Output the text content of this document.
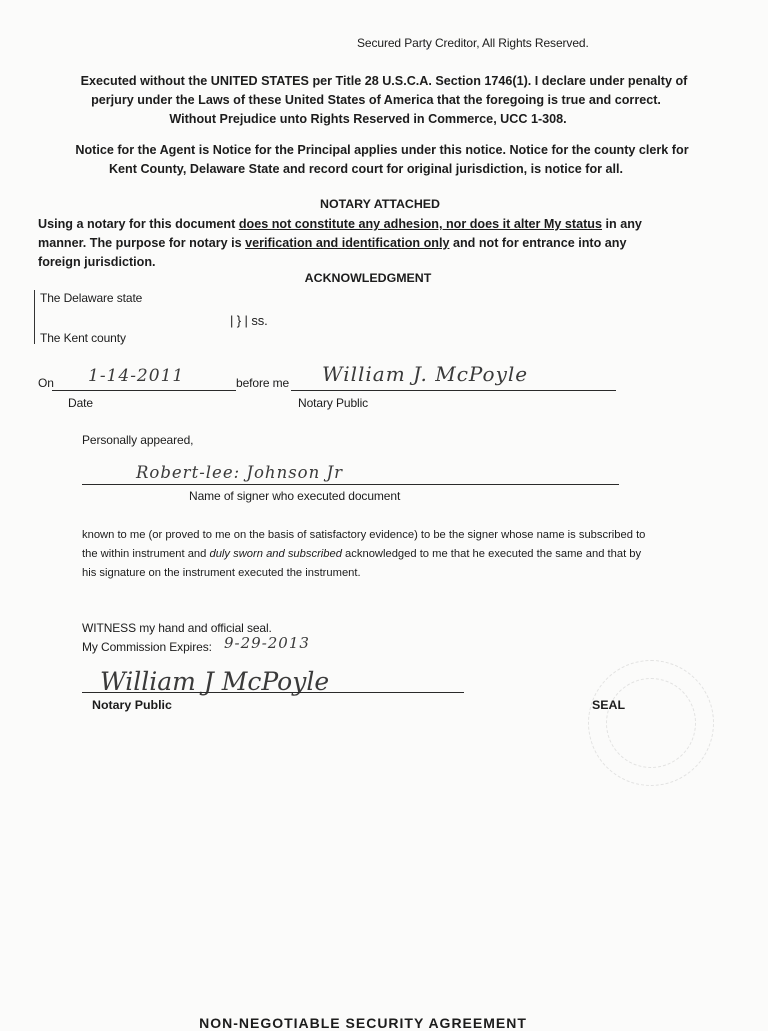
Secured Party Creditor, All Rights Reserved.
Executed without the UNITED STATES per Title 28 U.S.C.A. Section 1746(1). I declare under penalty of
perjury under the Laws of these United States of America that the foregoing is true and correct.
Without Prejudice unto Rights Reserved in Commerce, UCC 1-308.
Notice for the Agent is Notice for the Principal applies under this notice. Notice for the county clerk for
Kent County, Delaware State and record court for original jurisdiction, is notice for all.
NOTARY ATTACHED
Using a notary for this document does not constitute any adhesion, nor does it alter My status in any
manner. The purpose for notary is verification and identification only and not for entrance into any
foreign jurisdiction.
ACKNOWLEDGMENT
The Delaware state
| } | ss.
The Kent county
On 1-14-2011	before me William J. McPoyle
Date	Notary Public
Personally appeared,
Robert-lee: Johnson Jr
Name of signer who executed document
known to me (or proved to me on the basis of satisfactory evidence) to be the signer whose name is subscribed to
the within instrument and duly sworn and subscribed acknowledged to me that he executed the same and that by
his signature on the instrument executed the instrument.
WITNESS my hand and official seal.
My Commission Expires: 9-29-2013
William J McPoyle
Notary Public	SEAL
NON-NEGOTIABLE SECURITY AGREEMENT
